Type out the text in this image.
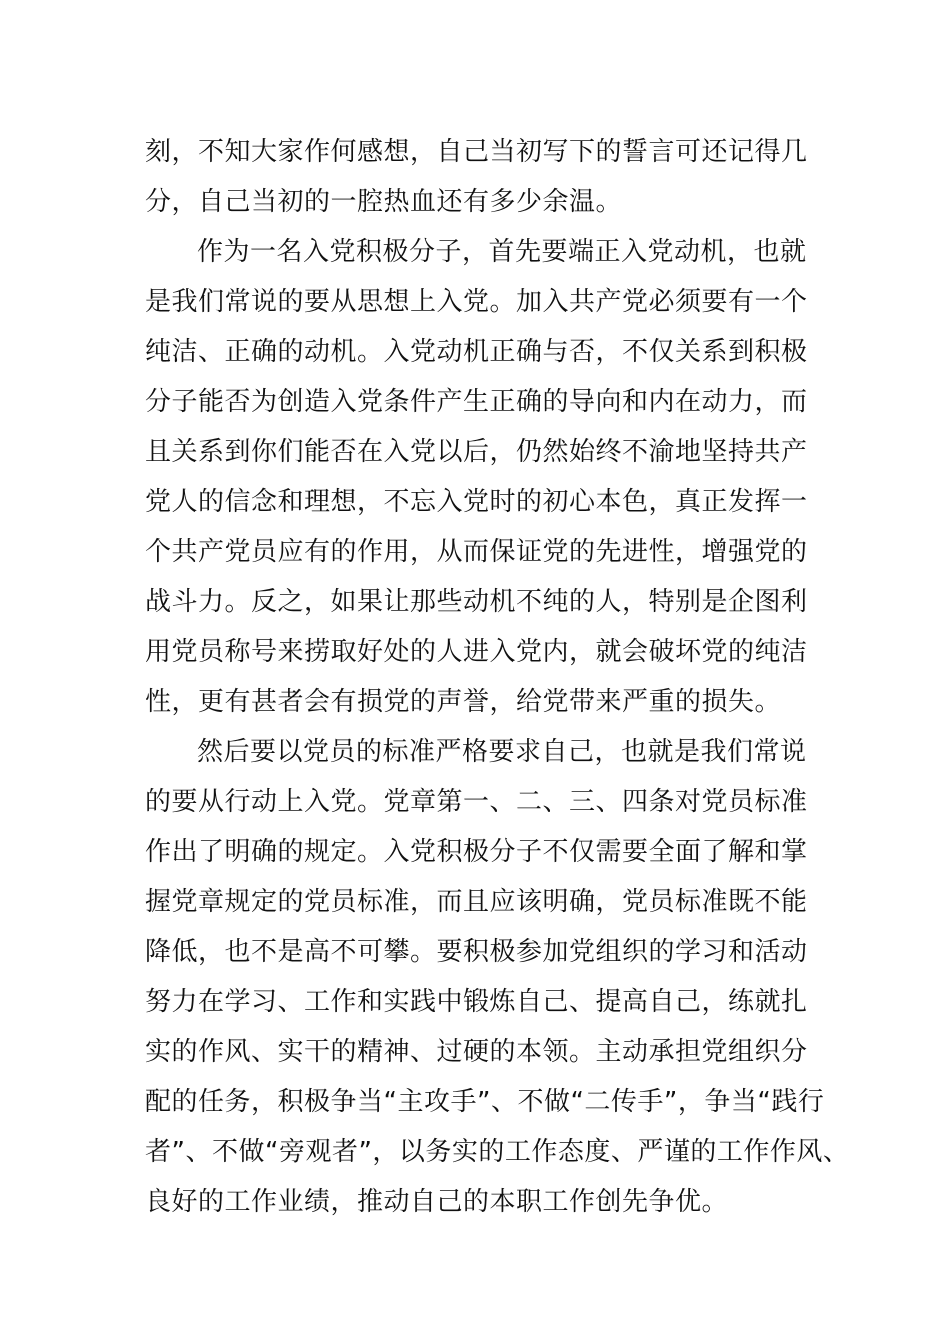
刻，不知大家作何感想，自己当初写下的誓言可还记得几
分，自己当初的一腔热血还有多少余温。
作为一名入党积极分子，首先要端正入党动机，也就
是我们常说的要从思想上入党。加入共产党必须要有一个
纯洁、正确的动机。入党动机正确与否，不仅关系到积极
分子能否为创造入党条件产生正确的导向和内在动力，而
且关系到你们能否在入党以后，仍然始终不渝地坚持共产
党人的信念和理想，不忘入党时的初心本色，真正发挥一
个共产党员应有的作用，从而保证党的先进性，增强党的
战斗力。反之，如果让那些动机不纯的人，特别是企图利
用党员称号来捞取好处的人进入党内，就会破坏党的纯洁
性，更有甚者会有损党的声誉，给党带来严重的损失。
然后要以党员的标准严格要求自己，也就是我们常说
的要从行动上入党。党章第一、二、三、四条对党员标准
作出了明确的规定。入党积极分子不仅需要全面了解和掌
握党章规定的党员标准，而且应该明确，党员标准既不能
降低，也不是高不可攀。要积极参加党组织的学习和活动
努力在学习、工作和实践中锻炼自己、提高自己，练就扎
实的作风、实干的精神、过硬的本领。主动承担党组织分
配的任务，积极争当“主攻手”、不做“二传手”，争当“践行
者”、不做“旁观者”，以务实的工作态度、严谨的工作作风、
良好的工作业绩，推动自己的本职工作创先争优。
